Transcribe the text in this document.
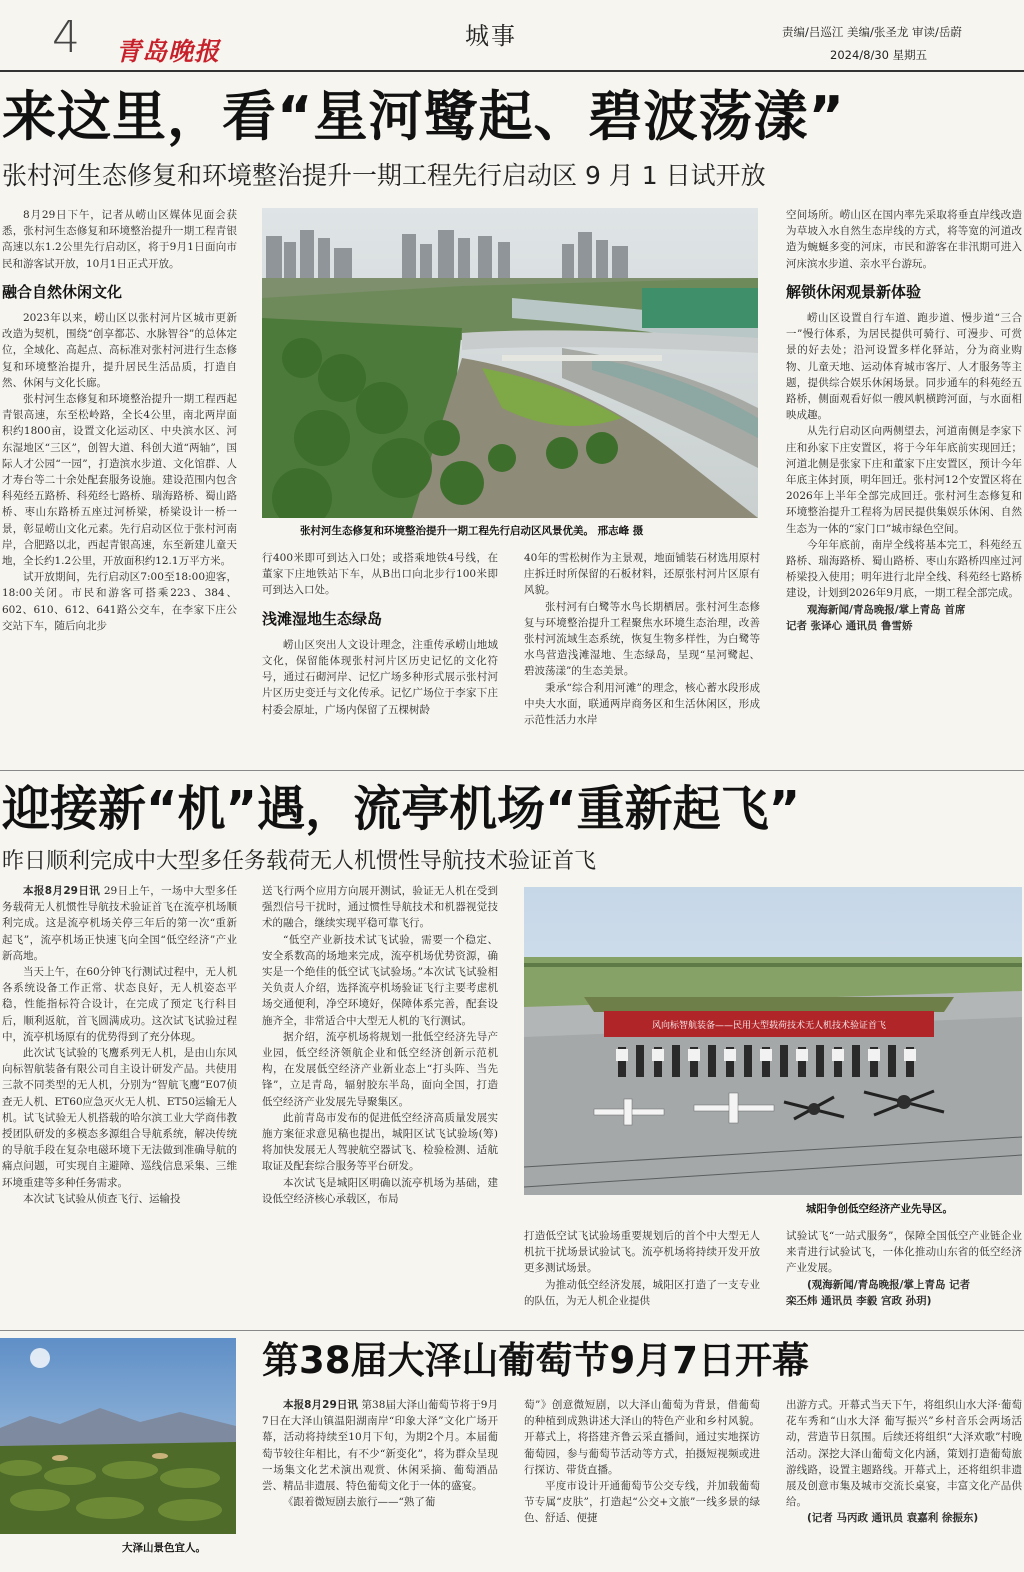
4 青岛晚报
城事	责编/吕巡江 美编/张圣龙 审读/岳蔚
2024/8/30 星期五
来这里，看“星河鹭起、碧波荡漾”
张村河生态修复和环境整治提升一期工程先行启动区 9 月 1 日试开放
8月29日下午，记者从崂山区媒体见面会获悉，张村河生态修复和环境整治提升一期工程青银高速以东1.2公里先行启动区，将于9月1日面向市民和游客试开放，10月1日正式开放。
融合自然休闲文化
2023年以来，崂山区以张村河片区城市更新改造为契机，围绕“创享都芯、水脉智谷”的总体定位，全域化、高起点、高标准对张村河进行生态修复和环境整治提升，提升居民生活品质，打造自然、休闲与文化长廊。
张村河生态修复和环境整治提升一期工程西起青银高速，东至松岭路，全长4公里，南北两岸面积约1800亩，设置文化运动区、中央滨水区、河东湿地区“三区”，创智大道、科创大道“两轴”，国际人才公园“一园”，打造滨水步道、文化馆群、人才寿台等二十余处配套服务设施。建设范围内包含科苑经五路桥、科苑经七路桥、瑞海路桥、蜀山路桥、枣山东路桥五座过河桥梁，桥梁设计一桥一景，彰显崂山文化元素。先行启动区位于张村河南岸，合肥路以北，西起青银高速，东至新建儿童天地，全长约1.2公里，开放面积约12.1万平方米。
试开放期间，先行启动区7:00至18:00迎客，18:00关闭。市民和游客可搭乘223、384、602、610、612、641路公交车，在李家下庄公交站下车，随后向北步
张村河生态修复和环境整治提升一期工程先行启动区风景优美。 邢志峰 摄
行400米即可到达入口处；或搭乘地铁4号线，在董家下庄地铁站下车，从B出口向北步行100米即可到达入口处。
浅滩湿地生态绿岛
崂山区突出人文设计理念，注重传承崂山地域文化，保留能体现张村河片区历史记忆的文化符号，通过石砌河岸、记忆广场多种形式展示张村河片区历史变迁与文化传承。记忆广场位于李家下庄村委会原址，广场内保留了五棵树龄
40年的雪松树作为主景观，地面铺装石材选用原村庄拆迁时所保留的石板材料，还原张村河片区原有风貌。
张村河有白鹭等水鸟长期栖居。张村河生态修复与环境整治提升工程聚焦水环境生态治理，改善张村河流域生态系统，恢复生物多样性，为白鹭等水鸟营造浅滩湿地、生态绿岛，呈现“星河鹭起、碧波荡漾”的生态美景。
秉承“综合利用河滩”的理念，核心蓄水段形成中央大水面，联通两岸商务区和生活休闲区，形成示范性活力水岸
空间场所。崂山区在国内率先采取将垂直岸线改造为草坡入水自然生态岸线的方式，将等宽的河道改造为蜿蜒多变的河床，市民和游客在非汛期可进入河床滨水步道、亲水平台游玩。
解锁休闲观景新体验
崂山区设置自行车道、跑步道、慢步道“三合一”慢行体系，为居民提供可骑行、可漫步、可赏景的好去处；沿河设置多样化驿站，分为商业购物、儿童天地、运动体育城市客厅、人才服务等主题，提供综合娱乐休闲场景。同步通车的科苑经五路桥，侧面观看好似一艘风帆横跨河面，与水面相映成趣。
从先行启动区向两侧望去，河道南侧是李家下庄和孙家下庄安置区，将于今年年底前实现回迁；河道北侧是张家下庄和董家下庄安置区，预计今年年底主体封顶，明年回迁。张村河12个安置区将在2026年上半年全部完成回迁。张村河生态修复和环境整治提升工程将为居民提供集娱乐休闲、自然生态为一体的“家门口”城市绿色空间。
今年年底前，南岸全线将基本完工，科苑经五路桥、瑞海路桥、蜀山路桥、枣山东路桥四座过河桥梁投入使用；明年进行北岸全线、科苑经七路桥建设，计划到2026年9月底，一期工程全部完成。
观海新闻/青岛晚报/掌上青岛 首席
记者 张译心 通讯员 鲁雪娇
迎接新“机”遇，流亭机场“重新起飞”
昨日顺利完成中大型多任务载荷无人机惯性导航技术验证首飞
本报8月29日讯 29日上午，一场中大型多任务载荷无人机惯性导航技术验证首飞在流亭机场顺利完成。这是流亭机场关停三年后的第一次“重新起飞”，流亭机场正快速飞向全国“低空经济”产业新高地。
当天上午，在60分钟飞行测试过程中，无人机各系统设备工作正常、状态良好，无人机姿态平稳，性能指标符合设计，在完成了预定飞行科目后，顺利返航，首飞圆满成功。这次试飞试验过程中，流亭机场原有的优势得到了充分体现。
此次试飞试验的飞鹰系列无人机，是由山东风向标智航装备有限公司自主设计研发产品。共使用三款不同类型的无人机，分别为“智航飞鹰”E07侦查无人机、ET60应急灭火无人机、ET50运输无人机。试飞试验无人机搭载的哈尔滨工业大学商伟教授团队研发的多模态多源组合导航系统，解决传统的导航手段在复杂电磁环境下无法做到准确导航的痛点问题，可实现自主避障、巡线信息采集、三维环境重建等多种任务需求。
本次试飞试验从侦查飞行、运输投
送飞行两个应用方向展开测试，验证无人机在受到强烈信号干扰时，通过惯性导航技术和机器视觉技术的融合，继续实现平稳可靠飞行。
“低空产业新技术试飞试验，需要一个稳定、安全系数高的场地来完成，流亭机场优势资源，确实是一个绝佳的低空试飞试验场。”本次试飞试验相关负责人介绍，选择流亭机场验证飞行主要考虑机场交通便利，净空环境好，保障体系完善，配套设施齐全，非常适合中大型无人机的飞行测试。
据介绍，流亭机场将规划一批低空经济先导产业园，低空经济领航企业和低空经济创新示范机构，在发展低空经济产业新业态上“打头阵、当先锋”，立足青岛，辐射胶东半岛，面向全国，打造低空经济产业发展先导聚集区。
此前青岛市发布的促进低空经济高质量发展实施方案征求意见稿也提出，城阳区试飞试验场(筹)将加快发展无人驾驶航空器试飞、检验检测、适航取证及配套综合服务等平台研发。
本次试飞是城阳区明确以流亭机场为基础，建设低空经济核心承载区，布局
风向标智航装备——民用大型载荷技术无人机技术验证首飞
城阳争创低空经济产业先导区。
打造低空试飞试验场重要规划后的首个中大型无人机抗干扰场景试验试飞。流亭机场将持续开发开放更多测试场景。
为推动低空经济发展，城阳区打造了一支专业的队伍，为无人机企业提供
试验试飞“一站式服务”，保障全国低空产业链企业来青进行试验试飞，一体化推动山东省的低空经济产业发展。
(观海新闻/青岛晚报/掌上青岛 记者
栾丕炜 通讯员 李毅 宫政 孙玥)
大泽山景色宜人。
第38届大泽山葡萄节9月7日开幕
本报8月29日讯 第38届大泽山葡萄节将于9月7日在大泽山镇温阳湖南岸“印象大泽”文化广场开幕，活动将持续至10月下旬，为期2个月。本届葡萄节较往年相比，有不少“新变化”，将为群众呈现一场集文化艺术演出观赏、休闲采摘、葡萄酒品尝、精品非遗展、特色葡萄文化于一体的盛宴。
《跟着微短剧去旅行——“熟了葡
萄”》创意微短剧，以大泽山葡萄为背景，借葡萄的种植到成熟讲述大泽山的特色产业和乡村风貌。开幕式上，将搭建齐鲁云采直播间，通过实地探访葡萄园，参与葡萄节活动等方式，拍摄短视频或进行探访、带货直播。
平度市设计开通葡萄节公交专线，并加载葡萄节专属“皮肤”，打造起“公交+文旅”一线多景的绿色、舒适、便捷
出游方式。开幕式当天下午，将组织山水大泽·葡萄花车秀和“山水大泽 葡写振兴”乡村音乐会两场活动，营造节日氛围。后续还将组织“大泽欢歌”村晚活动。深挖大泽山葡萄文化内涵，策划打造葡萄旅游线路，设置主题路线。开幕式上，还将组织非遗展及创意市集及城市交流长桌宴，丰富文化产品供给。
(记者 马丙政 通讯员 袁嘉利 徐振东)
